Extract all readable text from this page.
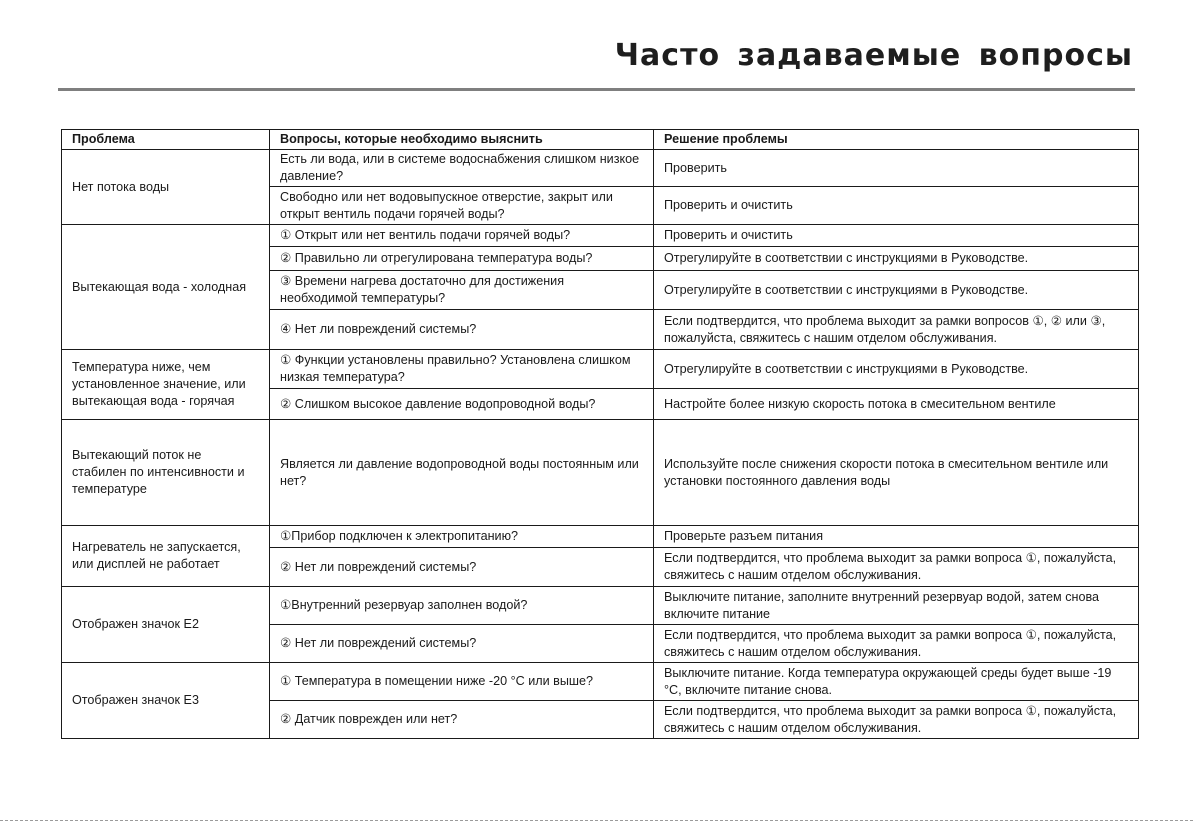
Часто задаваемые вопросы
Проблема	Вопросы, которые необходимо выяснить	Решение проблемы
Нет потока воды	Есть ли вода, или в системе водоснабжения слишком низкое давление?	Проверить
	Свободно или нет водовыпускное отверстие, закрыт или открыт вентиль подачи горячей воды?	Проверить и очистить
Вытекающая вода - холодная	① Открыт или нет вентиль подачи горячей воды?	Проверить и очистить
	② Правильно ли отрегулирована температура воды?	Отрегулируйте в соответствии с инструкциями в Руководстве.
	③ Времени нагрева достаточно для достижения необходимой температуры?	Отрегулируйте в соответствии с инструкциями в Руководстве.
	④ Нет ли повреждений системы?	Если подтвердится, что проблема выходит за рамки вопросов ①, ② или ③, пожалуйста, свяжитесь с нашим отделом обслуживания.
Температура ниже, чем установленное значение, или вытекающая вода - горячая	① Функции установлены правильно? Установлена слишком низкая температура?	Отрегулируйте в соответствии с инструкциями в Руководстве.
	② Слишком высокое давление водопроводной воды?	Настройте более низкую скорость потока в смесительном вентиле
Вытекающий поток не стабилен по интенсивности и температуре	Является ли давление водопроводной воды постоянным или нет?	Используйте после снижения скорости потока в смесительном вентиле или установки постоянного давления воды
Нагреватель не запускается, или дисплей не работает	①Прибор подключен к электропитанию?	Проверьте разъем питания
	② Нет ли повреждений системы?	Если подтвердится, что проблема выходит за рамки вопроса ①, пожалуйста, свяжитесь с нашим отделом обслуживания.
Отображен значок E2	①Внутренний резервуар заполнен водой?	Выключите питание, заполните внутренний резервуар водой, затем снова включите питание
	② Нет ли повреждений системы?	Если подтвердится, что проблема выходит за рамки вопроса ①, пожалуйста, свяжитесь с нашим отделом обслуживания.
Отображен значок E3	① Температура в помещении ниже -20 °C или выше?	Выключите питание. Когда температура окружающей среды будет выше -19 °C, включите питание снова.
	② Датчик поврежден или нет?	Если подтвердится, что проблема выходит за рамки вопроса ①, пожалуйста, свяжитесь с нашим отделом обслуживания.
